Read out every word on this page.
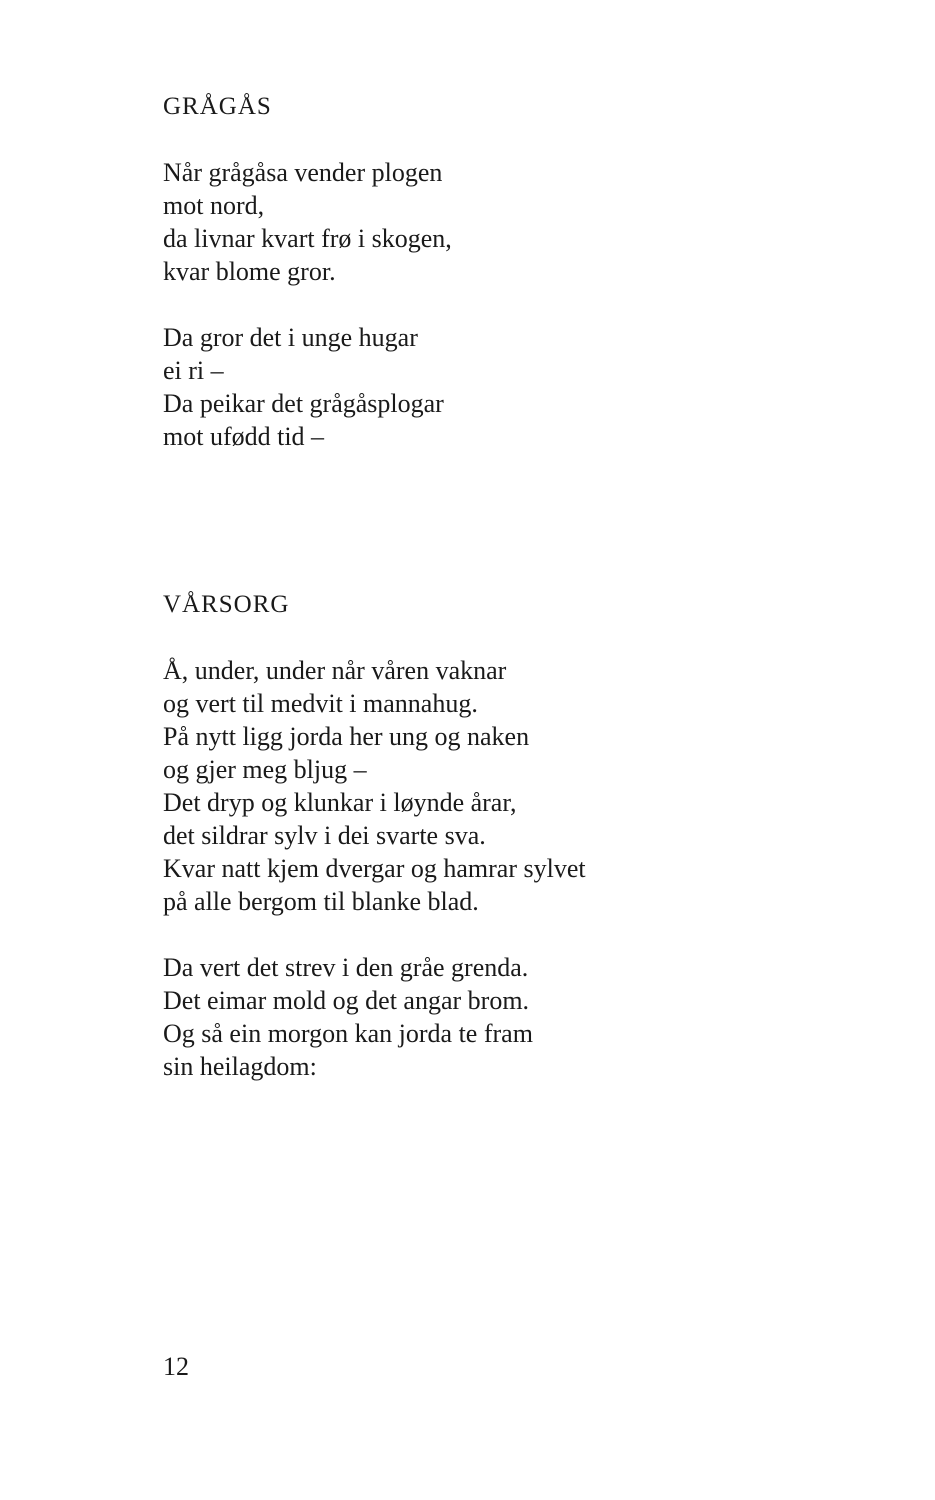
GRÅGÅS

Når grågåsa vender plogen
mot nord,
da livnar kvart frø i skogen,
kvar blome gror.

Da gror det i unge hugar
ei ri –
Da peikar det grågåsplogar
mot ufødd tid –

VÅRSORG

Å, under, under når våren vaknar
og vert til medvit i mannahug.
På nytt ligg jorda her ung og naken
og gjer meg bljug –
Det dryp og klunkar i løynde årar,
det sildrar sylv i dei svarte sva.
Kvar natt kjem dvergar og hamrar sylvet
på alle bergom til blanke blad.

Da vert det strev i den gråe grenda.
Det eimar mold og det angar brom.
Og så ein morgon kan jorda te fram
sin heilagdom:

12
